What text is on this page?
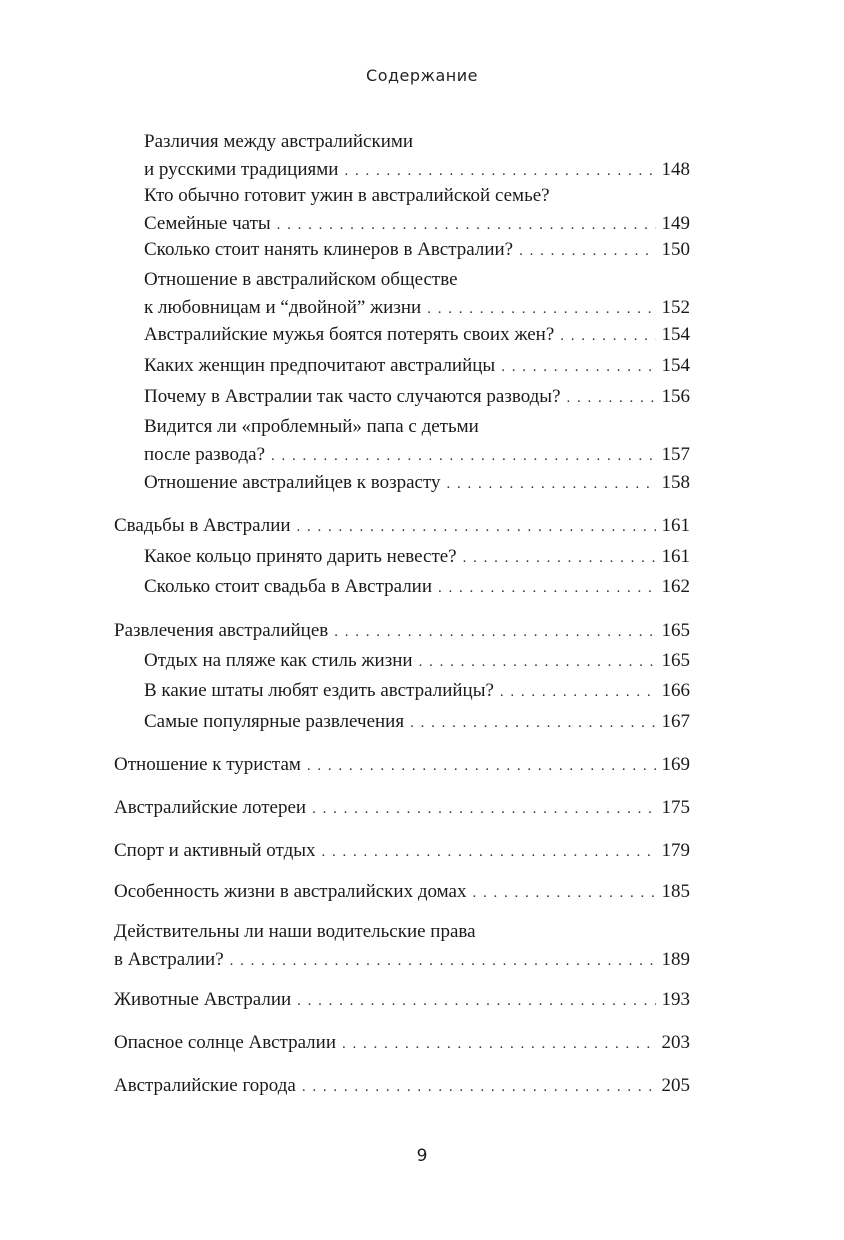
Содержание
Различия между австралийскими
и русскими традициями . . .	148
Кто обычно готовит ужин в австралийской семье?
Семейные чаты . . .	149
Сколько стоит нанять клинеров в Австралии? . . .	150
Отношение в австралийском обществе
к любовницам и “двойной” жизни . . .	152
Австралийские мужья боятся потерять своих жен? . . .	154
Каких женщин предпочитают австралийцы . . .	154
Почему в Австралии так часто случаются разводы? . . .	156
Видится ли «проблемный» папа с детьми
после развода? . . .	157
Отношение австралийцев к возрасту . . .	158
Свадьбы в Австралии . . .	161
Какое кольцо принято дарить невесте? . . .	161
Сколько стоит свадьба в Австралии . . .	162
Развлечения австралийцев . . .	165
Отдых на пляже как стиль жизни . . .	165
В какие штаты любят ездить австралийцы? . . .	166
Самые популярные развлечения . . .	167
Отношение к туристам . . .	169
Австралийские лотереи . . .	175
Спорт и активный отдых . . .	179
Особенность жизни в австралийских домах . . .	185
Действительны ли наши водительские права
в Австралии? . . .	189
Животные Австралии . . .	193
Опасное солнце Австралии . . .	203
Австралийские города . . .	205
9
